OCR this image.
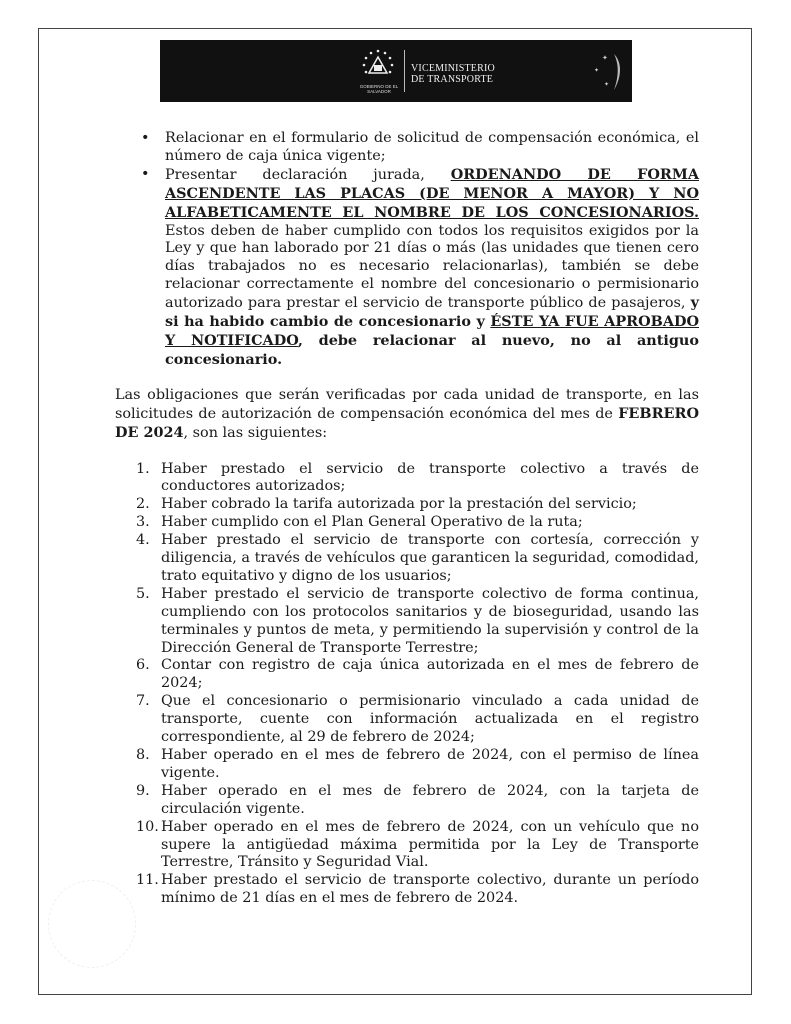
GOBIERNO DE EL SALVADOR
VICEMINISTERIO
DE TRANSPORTE
✦
✦
✦
• Relacionar en el formulario de solicitud de compensación económica, el número de caja única vigente;
• Presentar declaración jurada, ORDENANDO DE FORMA ASCENDENTE LAS PLACAS (DE MENOR A MAYOR) Y NO ALFABETICAMENTE EL NOMBRE DE LOS CONCESIONARIOS. Estos deben de haber cumplido con todos los requisitos exigidos por la Ley y que han laborado por 21 días o más (las unidades que tienen cero días trabajados no es necesario relacionarlas), también se debe relacionar correctamente el nombre del concesionario o permisionario autorizado para prestar el servicio de transporte público de pasajeros, y si ha habido cambio de concesionario y ÉSTE YA FUE APROBADO Y NOTIFICADO, debe relacionar al nuevo, no al antiguo concesionario.

Las obligaciones que serán verificadas por cada unidad de transporte, en las solicitudes de autorización de compensación económica del mes de FEBRERO DE 2024, son las siguientes:

1. Haber prestado el servicio de transporte colectivo a través de conductores autorizados;
2. Haber cobrado la tarifa autorizada por la prestación del servicio;
3. Haber cumplido con el Plan General Operativo de la ruta;
4. Haber prestado el servicio de transporte con cortesía, corrección y diligencia, a través de vehículos que garanticen la seguridad, comodidad, trato equitativo y digno de los usuarios;
5. Haber prestado el servicio de transporte colectivo de forma continua, cumpliendo con los protocolos sanitarios y de bioseguridad, usando las terminales y puntos de meta, y permitiendo la supervisión y control de la Dirección General de Transporte Terrestre;
6. Contar con registro de caja única autorizada en el mes de febrero de 2024;
7. Que el concesionario o permisionario vinculado a cada unidad de transporte, cuente con información actualizada en el registro correspondiente, al 29 de febrero de 2024;
8. Haber operado en el mes de febrero de 2024, con el permiso de línea vigente.
9. Haber operado en el mes de febrero de 2024, con la tarjeta de circulación vigente.
10. Haber operado en el mes de febrero de 2024, con un vehículo que no supere la antigüedad máxima permitida por la Ley de Transporte Terrestre, Tránsito y Seguridad Vial.
11. Haber prestado el servicio de transporte colectivo, durante un período mínimo de 21 días en el mes de febrero de 2024.
